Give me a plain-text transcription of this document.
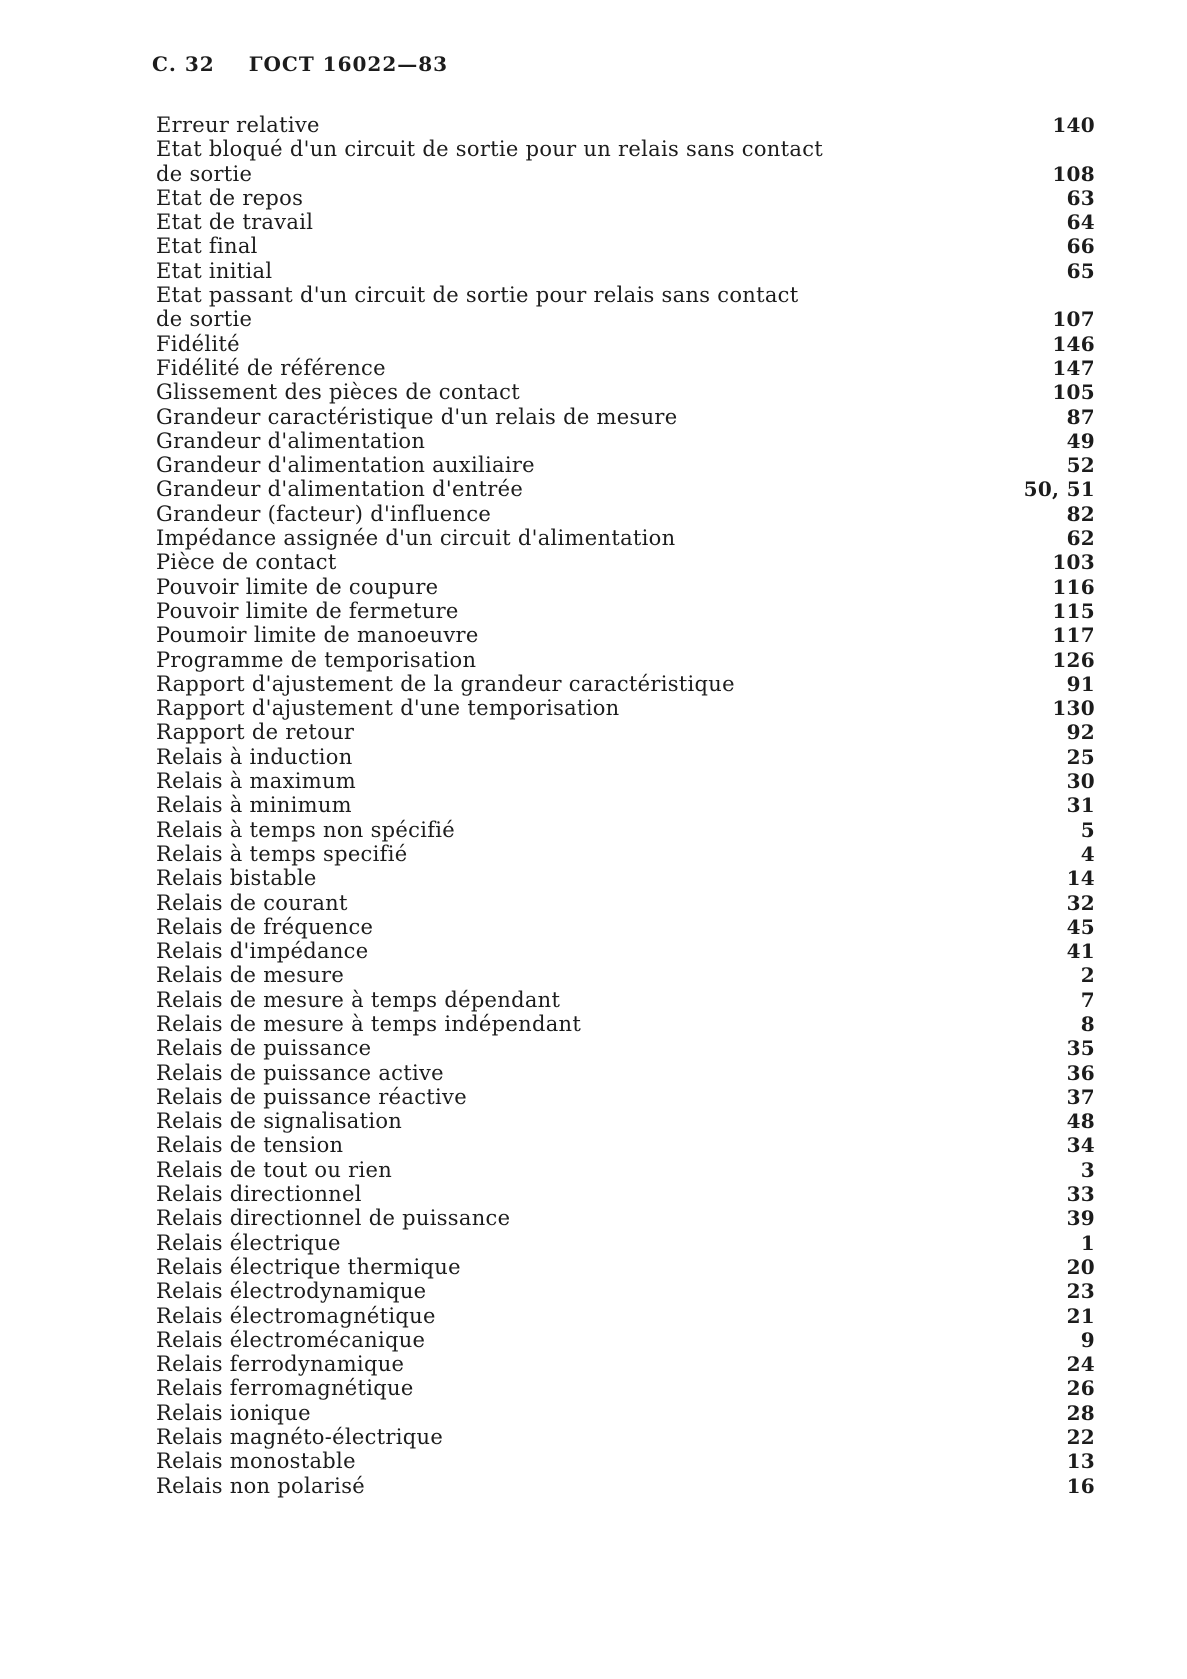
С. 32 ГОСТ 16022—83
Erreur relative	140
Etat bloqué d'un circuit de sortie pour un relais sans contact
de sortie	108
Etat de repos	63
Etat de travail	64
Etat final	66
Etat initial	65
Etat passant d'un circuit de sortie pour relais sans contact
de sortie	107
Fidélité	146
Fidélité de référence	147
Glissement des pièces de contact	105
Grandeur caractéristique d'un relais de mesure	87
Grandeur d'alimentation	49
Grandeur d'alimentation auxiliaire	52
Grandeur d'alimentation d'entrée	50, 51
Grandeur (facteur) d'influence	82
Impédance assignée d'un circuit d'alimentation	62
Pièce de contact	103
Pouvoir limite de coupure	116
Pouvoir limite de fermeture	115
Poumoir limite de manoeuvre	117
Programme de temporisation	126
Rapport d'ajustement de la grandeur caractéristique	91
Rapport d'ajustement d'une temporisation	130
Rapport de retour	92
Relais à induction	25
Relais à maximum	30
Relais à minimum	31
Relais à temps non spécifié	5
Relais à temps specifié	4
Relais bistable	14
Relais de courant	32
Relais de fréquence	45
Relais d'impédance	41
Relais de mesure	2
Relais de mesure à temps dépendant	7
Relais de mesure à temps indépendant	8
Relais de puissance	35
Relais de puissance active	36
Relais de puissance réactive	37
Relais de signalisation	48
Relais de tension	34
Relais de tout ou rien	3
Relais directionnel	33
Relais directionnel de puissance	39
Relais électrique	1
Relais électrique thermique	20
Relais électrodynamique	23
Relais électromagnétique	21
Relais électromécanique	9
Relais ferrodynamique	24
Relais ferromagnétique	26
Relais ionique	28
Relais magnéto-électrique	22
Relais monostable	13
Relais non polarisé	16
